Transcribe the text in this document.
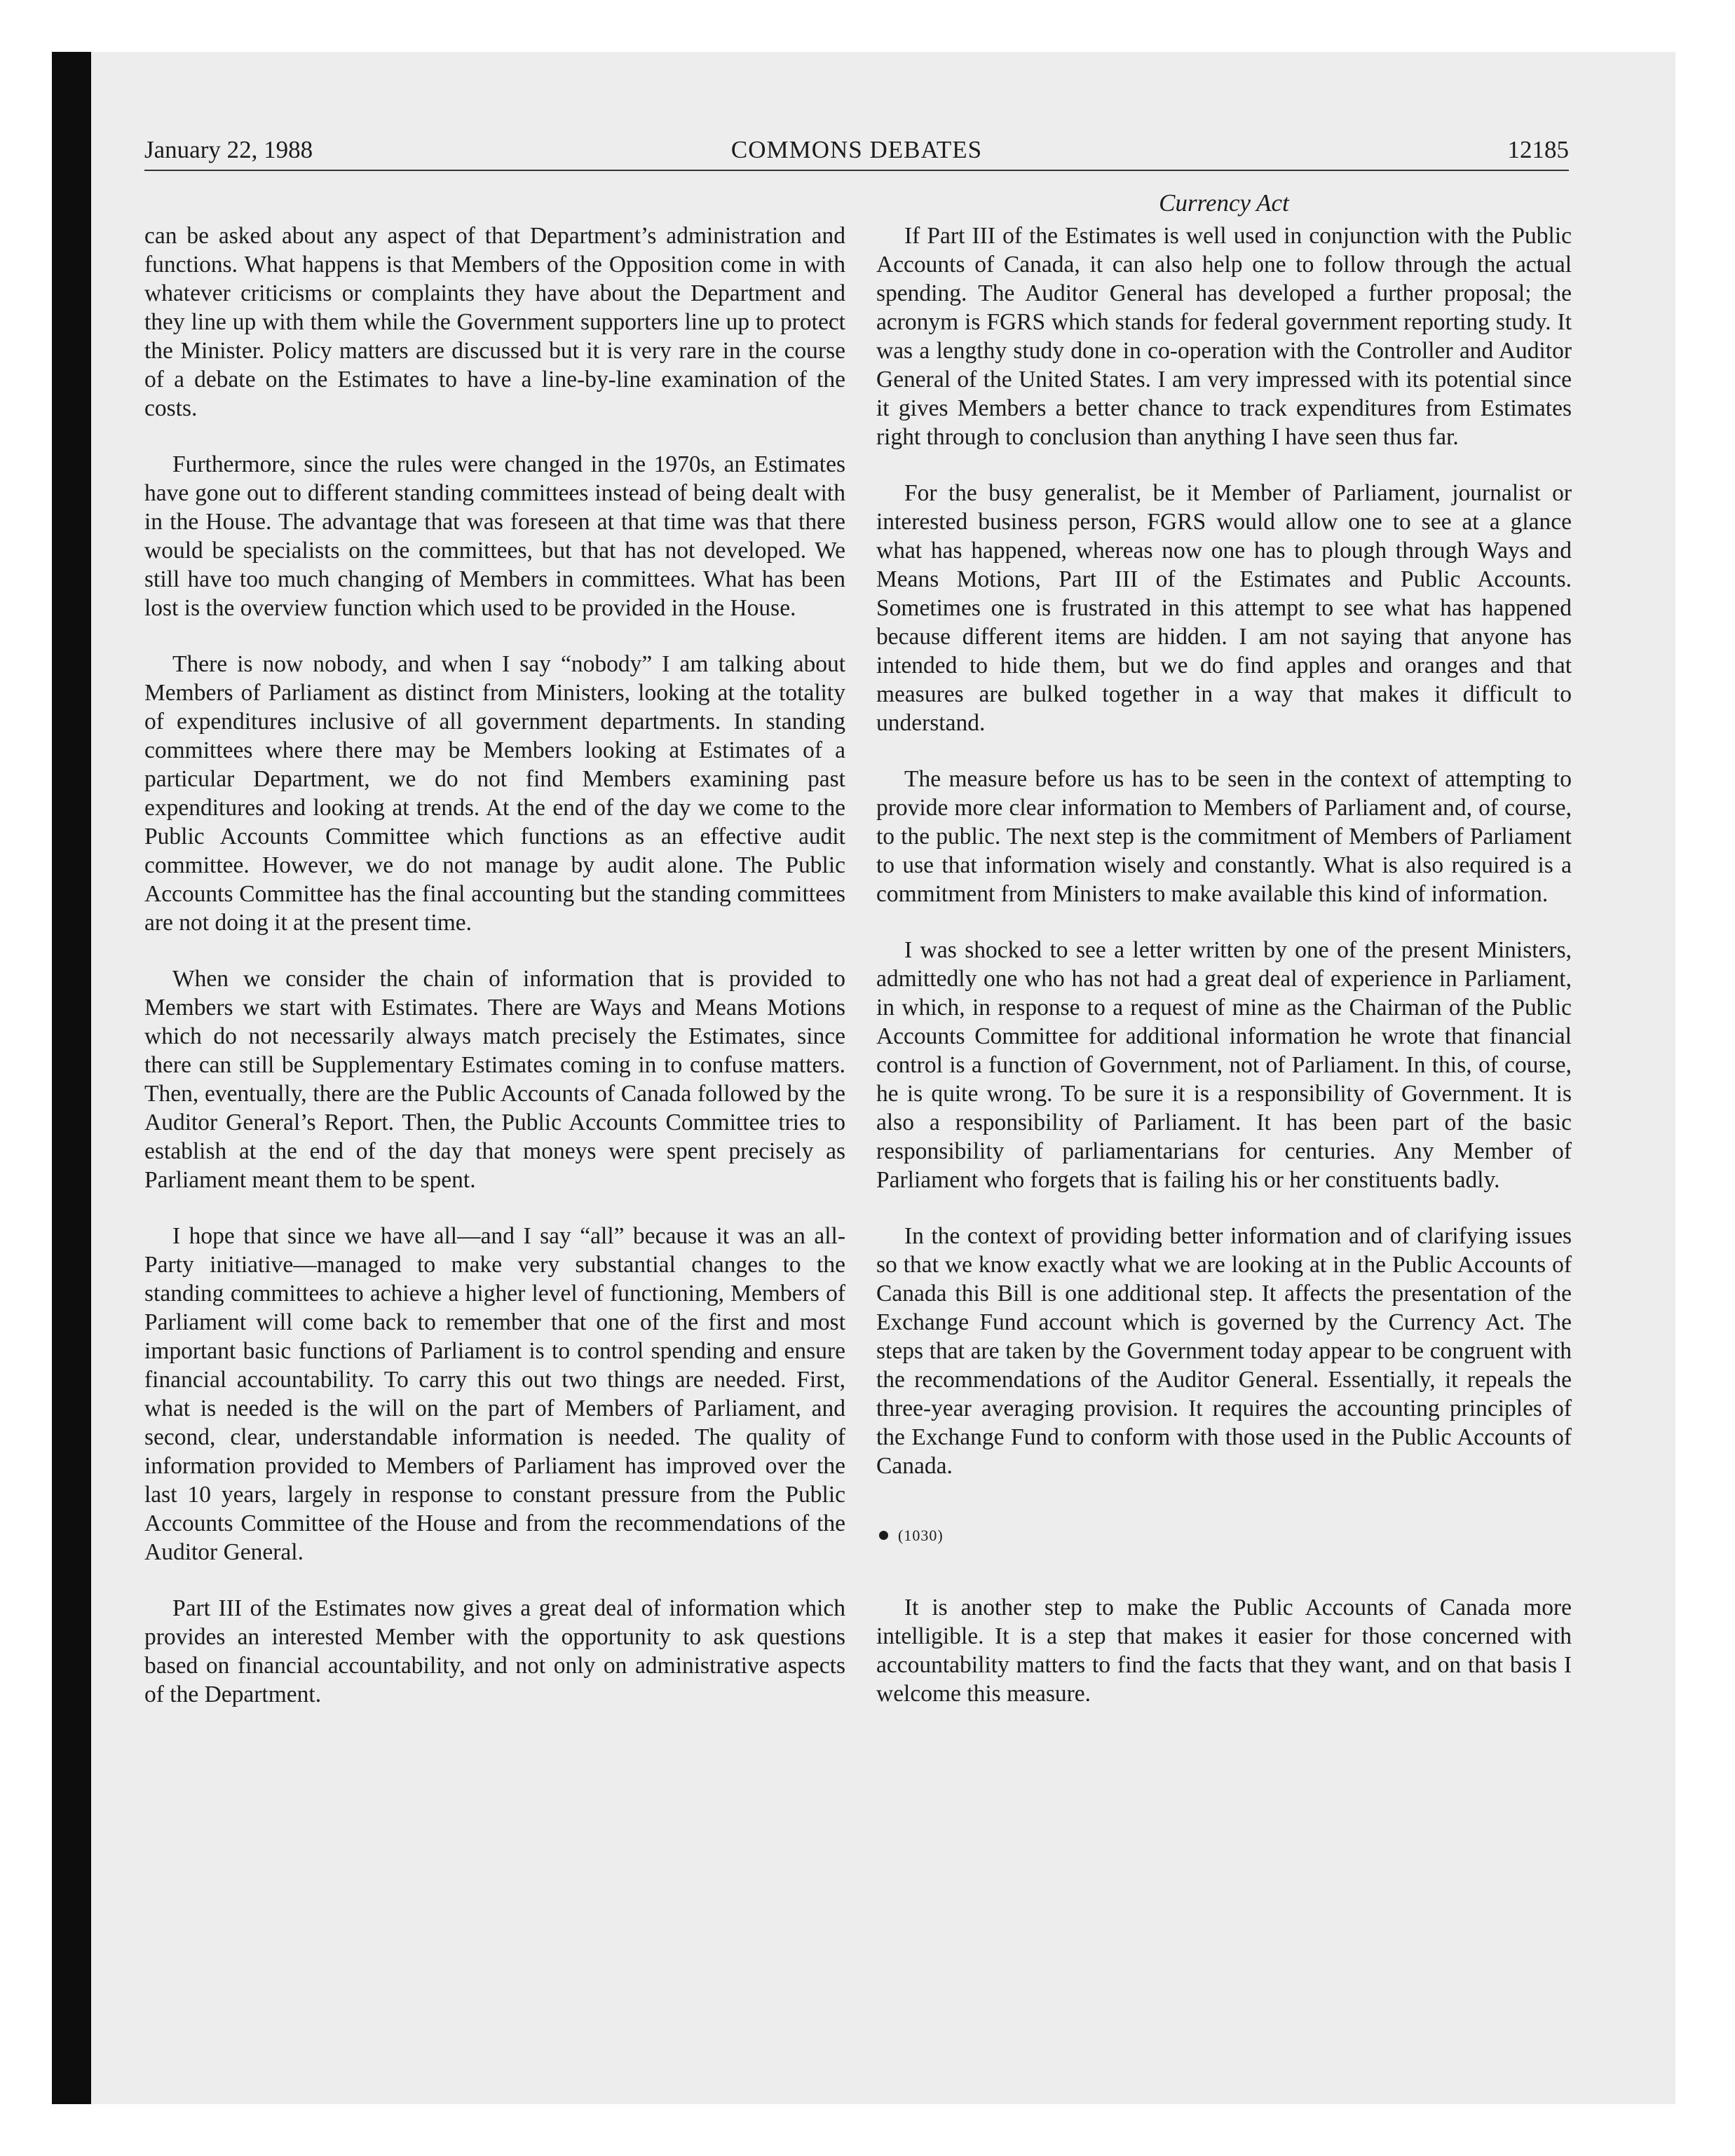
January 22, 1988	COMMONS DEBATES	12185

can be asked about any aspect of that Department’s administration and functions. What happens is that Members of the Opposition come in with whatever criticisms or complaints they have about the Department and they line up with them while the Government supporters line up to protect the Minister. Policy matters are discussed but it is very rare in the course of a debate on the Estimates to have a line-by-line examination of the costs.

Furthermore, since the rules were changed in the 1970s, an Estimates have gone out to different standing committees instead of being dealt with in the House. The advantage that was foreseen at that time was that there would be specialists on the committees, but that has not developed. We still have too much changing of Members in committees. What has been lost is the overview function which used to be provided in the House.

There is now nobody, and when I say “nobody” I am talking about Members of Parliament as distinct from Ministers, looking at the totality of expenditures inclusive of all government departments. In standing committees where there may be Members looking at Estimates of a particular Department, we do not find Members examining past expenditures and looking at trends. At the end of the day we come to the Public Accounts Committee which functions as an effective audit committee. However, we do not manage by audit alone. The Public Accounts Committee has the final accounting but the standing committees are not doing it at the present time.

When we consider the chain of information that is provided to Members we start with Estimates. There are Ways and Means Motions which do not necessarily always match precisely the Estimates, since there can still be Supplementary Estimates coming in to confuse matters. Then, eventually, there are the Public Accounts of Canada followed by the Auditor General’s Report. Then, the Public Accounts Committee tries to establish at the end of the day that moneys were spent precisely as Parliament meant them to be spent.

I hope that since we have all—and I say “all” because it was an all-Party initiative—managed to make very substantial changes to the standing committees to achieve a higher level of functioning, Members of Parliament will come back to remember that one of the first and most important basic functions of Parliament is to control spending and ensure financial accountability. To carry this out two things are needed. First, what is needed is the will on the part of Members of Parliament, and second, clear, understandable information is needed. The quality of information provided to Members of Parliament has improved over the last 10 years, largely in response to constant pressure from the Public Accounts Committee of the House and from the recommendations of the Auditor General.

Part III of the Estimates now gives a great deal of information which provides an interested Member with the opportunity to ask questions based on financial accountability, and not only on administrative aspects of the Department.

Currency Act

If Part III of the Estimates is well used in conjunction with the Public Accounts of Canada, it can also help one to follow through the actual spending. The Auditor General has developed a further proposal; the acronym is FGRS which stands for federal government reporting study. It was a lengthy study done in co-operation with the Controller and Auditor General of the United States. I am very impressed with its potential since it gives Members a better chance to track expenditures from Estimates right through to conclusion than anything I have seen thus far.

For the busy generalist, be it Member of Parliament, journalist or interested business person, FGRS would allow one to see at a glance what has happened, whereas now one has to plough through Ways and Means Motions, Part III of the Estimates and Public Accounts. Sometimes one is frustrated in this attempt to see what has happened because different items are hidden. I am not saying that anyone has intended to hide them, but we do find apples and oranges and that measures are bulked together in a way that makes it difficult to understand.

The measure before us has to be seen in the context of attempting to provide more clear information to Members of Parliament and, of course, to the public. The next step is the commitment of Members of Parliament to use that information wisely and constantly. What is also required is a commitment from Ministers to make available this kind of information.

I was shocked to see a letter written by one of the present Ministers, admittedly one who has not had a great deal of experience in Parliament, in which, in response to a request of mine as the Chairman of the Public Accounts Committee for additional information he wrote that financial control is a function of Government, not of Parliament. In this, of course, he is quite wrong. To be sure it is a responsibility of Government. It is also a responsibility of Parliament. It has been part of the basic responsibility of parliamentarians for centuries. Any Member of Parliament who forgets that is failing his or her constituents badly.

In the context of providing better information and of clarifying issues so that we know exactly what we are looking at in the Public Accounts of Canada this Bill is one additional step. It affects the presentation of the Exchange Fund account which is governed by the Currency Act. The steps that are taken by the Government today appear to be congruent with the recommendations of the Auditor General. Essentially, it repeals the three-year averaging provision. It requires the accounting principles of the Exchange Fund to conform with those used in the Public Accounts of Canada.

(1030)

It is another step to make the Public Accounts of Canada more intelligible. It is a step that makes it easier for those concerned with accountability matters to find the facts that they want, and on that basis I welcome this measure.
